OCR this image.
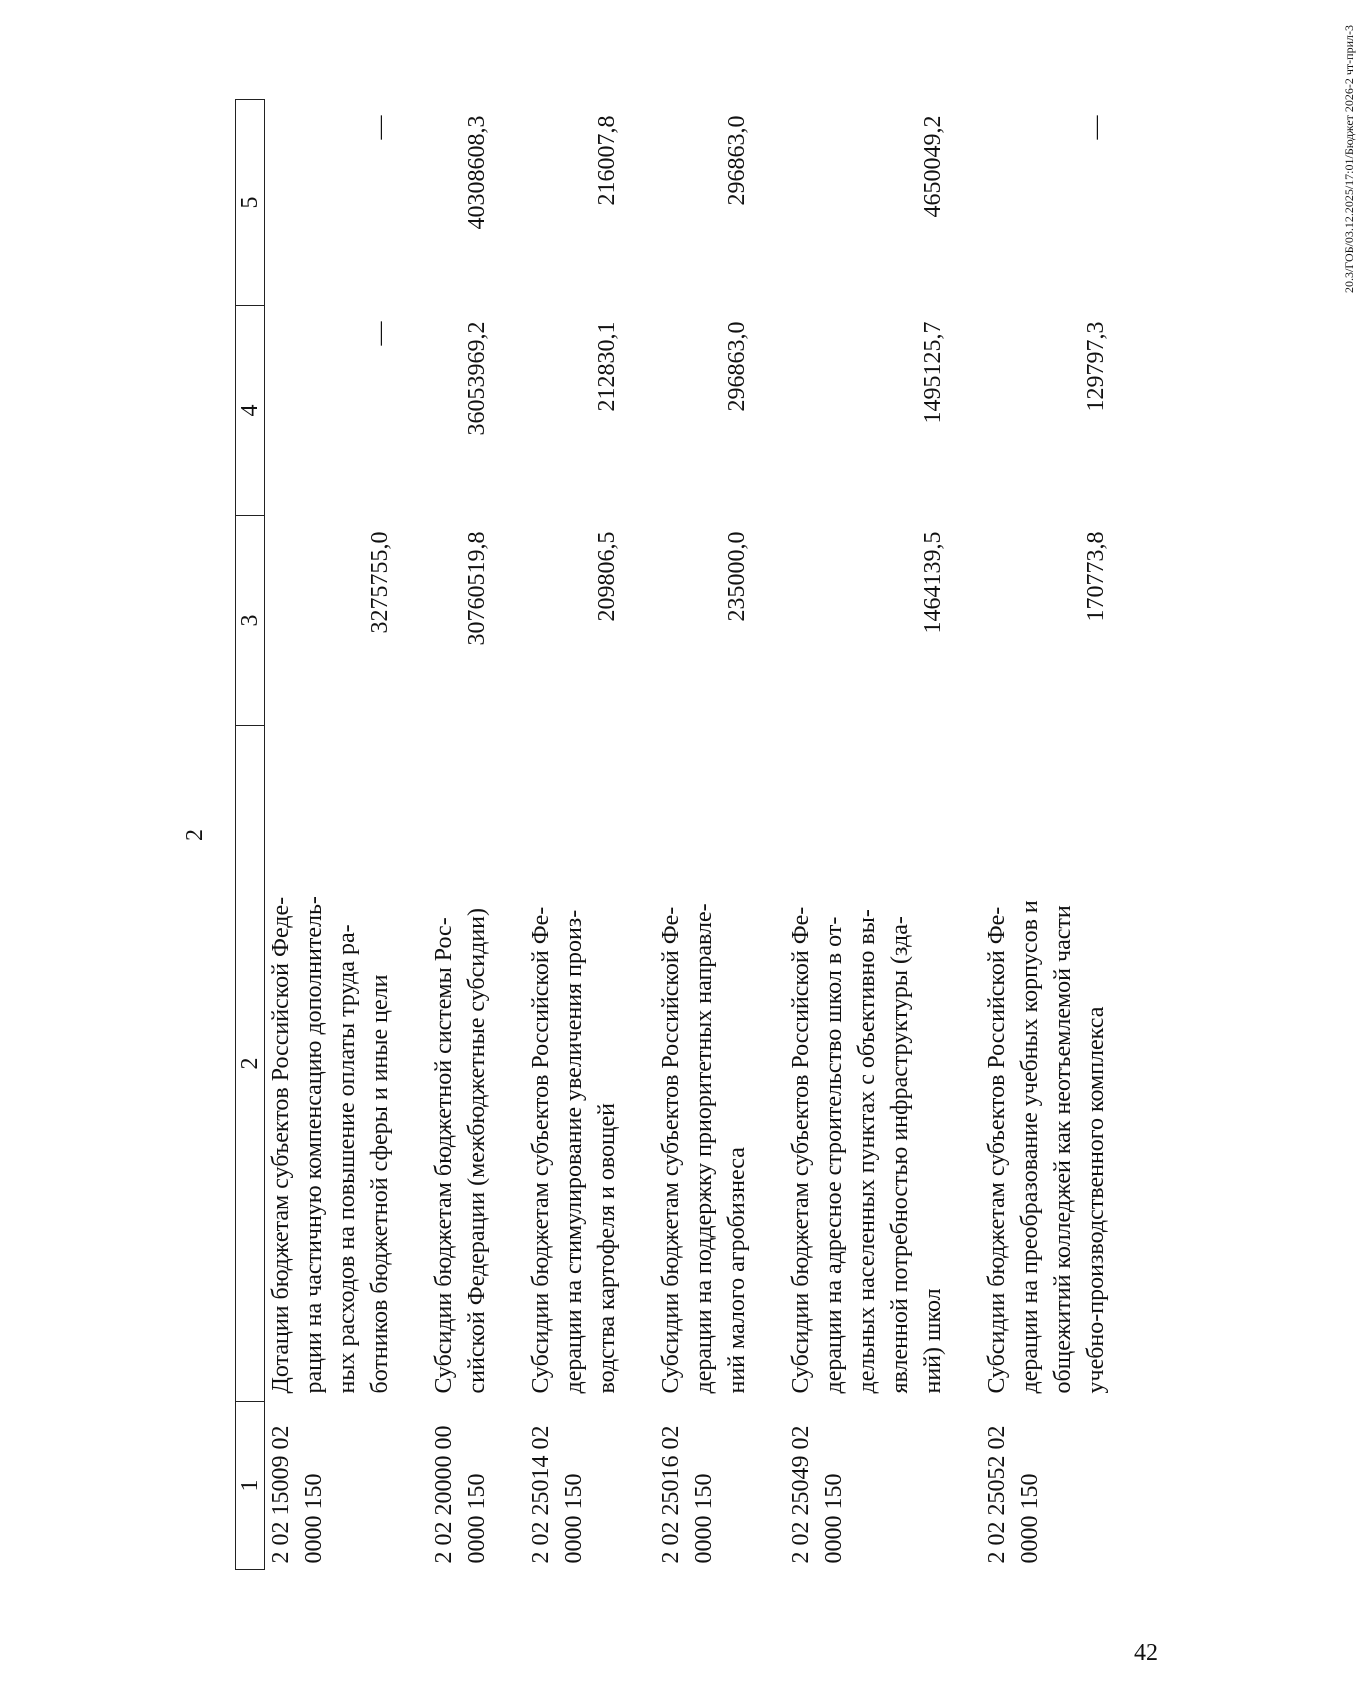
2
1	2	3	4	5
2 02 15009 02 0000 150	Дотации бюджетам субъектов Российской Феде- рации на частичную компенсацию дополнитель- ных расходов на повышение оплаты труда ра- ботников бюджетной сферы и иные цели	3275755,0	—	—
2 02 20000 00 0000 150	Субсидии бюджетам бюджетной системы Рос- сийской Федерации (межбюджетные субсидии)	30760519,8	36053969,2	40308608,3
2 02 25014 02 0000 150	Субсидии бюджетам субъектов Российской Фе- дерации на стимулирование увеличения произ- водства картофеля и овощей	209806,5	212830,1	216007,8
2 02 25016 02 0000 150	Субсидии бюджетам субъектов Российской Фе- дерации на поддержку приоритетных направле- ний малого агробизнеса	235000,0	296863,0	296863,0
2 02 25049 02 0000 150	Субсидии бюджетам субъектов Российской Фе- дерации на адресное строительство школ в от- дельных населенных пунктах с объективно вы- явленной потребностью инфраструктуры (зда- ний) школ	1464139,5	1495125,7	4650049,2
2 02 25052 02 0000 150	Субсидии бюджетам субъектов Российской Фе- дерации на преобразование учебных корпусов и общежитий колледжей как неотъемлемой части учебно-производственного комплекса	170773,8	129797,3	—	20.3/ГОБ/03.12.2025/17:01/Бюджет 2026-2 чт-прил-3
42
